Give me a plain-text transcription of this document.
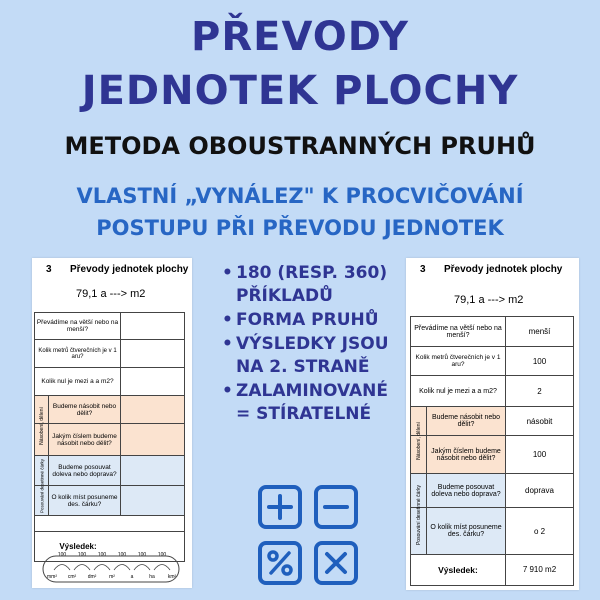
PŘEVODY
JEDNOTEK PLOCHY
METODA OBOUSTRANNÝCH PRUHŮ
VLASTNÍ „VYNÁLEZ" K PROCVIČOVÁNÍ
POSTUPU PŘI PŘEVODU JEDNOTEK
3 Převody jednotek plochy
79,1 a ---> m2
Převádíme na větší nebo na menší?
Kolik metrů čtverečních je v 1 aru?
Kolik nul je mezi a a m2?
Budeme násobit nebo dělit?
Jakým číslem budeme násobit nebo dělit?
Budeme posouvat doleva nebo doprava?
O kolik míst posuneme des. čárku?
Násobení, dělení
Posouvání desetinné čárky
Výsledek:
100 100 100 100 100 100
mm² cm² dm²	m²	a	ha	km²
3 Převody jednotek plochy
79,1 a ---> m2
Převádíme na větší nebo na menší?	menší
Kolik metrů čtverečních je v 1 aru?	100
Kolik nul je mezi a a m2?	2
Budeme násobit nebo dělit?	násobit
Jakým číslem budeme násobit nebo dělit?	100
Budeme posouvat doleva nebo doprava?	doprava
O kolik míst posuneme des. čárku?	o 2
Násobení, dělení
Posouvání desetinné čárky
Výsledek:	7 910 m2
• 180 (RESP. 360) PŘÍKLADŮ
• FORMA PRUHŮ
• VÝSLEDKY JSOU NA 2. STRANĚ
• ZALAMINOVANÉ = STÍRATELNÉ
